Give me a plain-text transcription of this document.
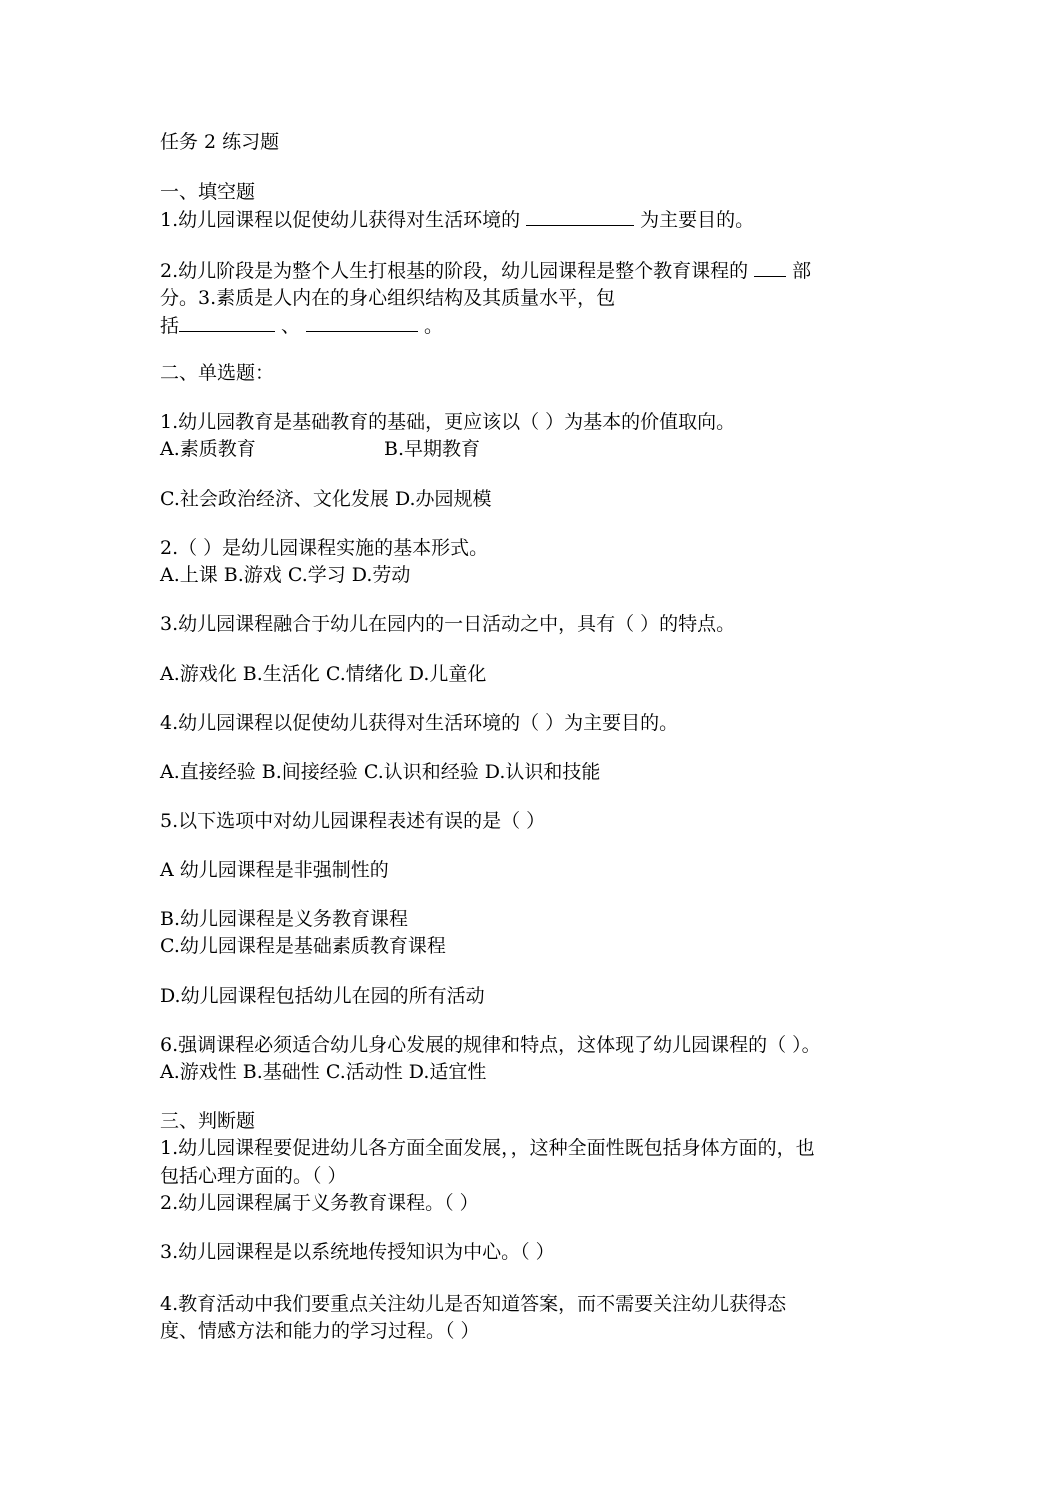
任务 2 练习题
一、填空题
1.幼儿园课程以促使幼儿获得对生活环境的	为主要目的。
2.幼儿阶段是为整个人生打根基的阶段，幼儿园课程是整个教育课程的 部
分。3.素质是人内在的身心组织结构及其质量水平，包
括	、	。
二、单选题：
1.幼儿园教育是基础教育的基础，更应该以（ ）为基本的价值取向。
A.素质教育	B.早期教育
C.社会政治经济、文化发展 D.办园规模
2.（ ）是幼儿园课程实施的基本形式。
A.上课 B.游戏 C.学习 D.劳动
3.幼儿园课程融合于幼儿在园内的一日活动之中，具有（ ）的特点。
A.游戏化 B.生活化 C.情绪化 D.儿童化
4.幼儿园课程以促使幼儿获得对生活环境的（ ）为主要目的。
A.直接经验 B.间接经验 C.认识和经验 D.认识和技能
5.以下选项中对幼儿园课程表述有误的是（ ）
A 幼儿园课程是非强制性的
B.幼儿园课程是义务教育课程
C.幼儿园课程是基础素质教育课程
D.幼儿园课程包括幼儿在园的所有活动
6.强调课程必须适合幼儿身心发展的规律和特点，这体现了幼儿园课程的（ ）。
A.游戏性 B.基础性 C.活动性 D.适宜性
三、判断题
1.幼儿园课程要促进幼儿各方面全面发展，，这种全面性既包括身体方面的，也
包括心理方面的。（ ）
2.幼儿园课程属于义务教育课程。（ ）
3.幼儿园课程是以系统地传授知识为中心。（ ）
4.教育活动中我们要重点关注幼儿是否知道答案，而不需要关注幼儿获得态
度、情感方法和能力的学习过程。（ ）
